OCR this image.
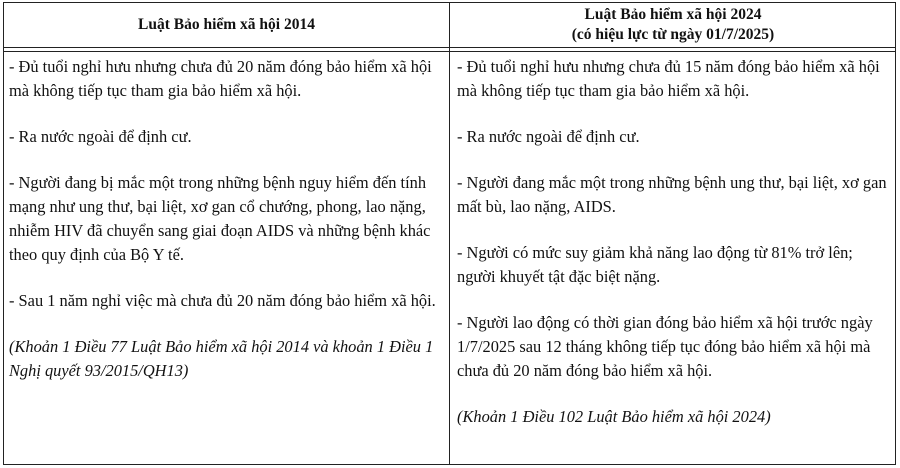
Luật Bảo hiểm xã hội 2014
Luật Bảo hiểm xã hội 2024
(có hiệu lực từ ngày 01/7/2025)

- Đủ tuổi nghỉ hưu nhưng chưa đủ 20 năm đóng bảo hiểm xã hội mà không tiếp tục tham gia bảo hiểm xã hội.

- Ra nước ngoài để định cư.

- Người đang bị mắc một trong những bệnh nguy hiểm đến tính mạng như ung thư, bại liệt, xơ gan cổ chướng, phong, lao nặng, nhiễm HIV đã chuyển sang giai đoạn AIDS và những bệnh khác theo quy định của Bộ Y tế.

- Sau 1 năm nghỉ việc mà chưa đủ 20 năm đóng bảo hiểm xã hội.

(Khoản 1 Điều 77 Luật Bảo hiểm xã hội 2014 và khoản 1 Điều 1 Nghị quyết 93/2015/QH13)

- Đủ tuổi nghỉ hưu nhưng chưa đủ 15 năm đóng bảo hiểm xã hội mà không tiếp tục tham gia bảo hiểm xã hội.

- Ra nước ngoài để định cư.

- Người đang mắc một trong những bệnh ung thư, bại liệt, xơ gan mất bù, lao nặng, AIDS.

- Người có mức suy giảm khả năng lao động từ 81% trở lên; người khuyết tật đặc biệt nặng.

- Người lao động có thời gian đóng bảo hiểm xã hội trước ngày 1/7/2025 sau 12 tháng không tiếp tục đóng bảo hiểm xã hội mà chưa đủ 20 năm đóng bảo hiểm xã hội.

(Khoản 1 Điều 102 Luật Bảo hiểm xã hội 2024)
